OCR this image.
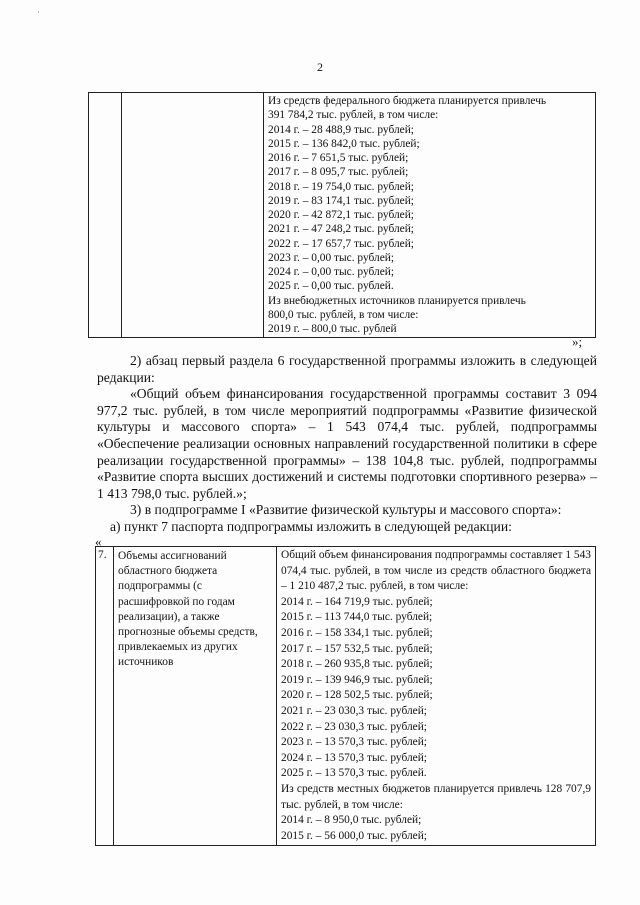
·
2

Из средств федерального бюджета планируется привлечь
391 784,2 тыс. рублей, в том числе:
2014 г. – 28 488,9 тыс. рублей;
2015 г. – 136 842,0 тыс. рублей;
2016 г. – 7 651,5 тыс. рублей;
2017 г. – 8 095,7 тыс. рублей;
2018 г. – 19 754,0 тыс. рублей;
2019 г. – 83 174,1 тыс. рублей;
2020 г. – 42 872,1 тыс. рублей;
2021 г. – 47 248,2 тыс. рублей;
2022 г. – 17 657,7 тыс. рублей;
2023 г. – 0,00 тыс. рублей;
2024 г. – 0,00 тыс. рублей;
2025 г. – 0,00 тыс. рублей.
Из внебюджетных источников планируется привлечь
800,0 тыс. рублей, в том числе:
2019 г. – 800,0 тыс. рублей
»;

2) абзац первый раздела 6 государственной программы изложить в следующей редакции:

«Общий объем финансирования государственной программы составит 3 094 977,2 тыс. рублей, в том числе мероприятий подпрограммы «Развитие физической культуры и массового спорта» – 1 543 074,4 тыс. рублей, подпрограммы «Обеспечение реализации основных направлений государственной политики в сфере реализации государственной программы» – 138 104,8 тыс. рублей, подпрограммы «Развитие спорта высших достижений и системы подготовки спортивного резерва» – 1 413 798,0 тыс. рублей.»;

3) в подпрограмме I «Развитие физической культуры и массового спорта»:

а) пункт 7 паспорта подпрограммы изложить в следующей редакции:

«
7.	Объемы ассигнований областного бюджета подпрограммы (с расшифровкой по годам реализации), а также прогнозные объемы средств, привлекаемых из других источников

Общий объем финансирования подпрограммы составляет 1 543 074,4 тыс. рублей, в том числе из средств областного бюджета – 1 210 487,2 тыс. рублей, в том числе:
2014 г. – 164 719,9 тыс. рублей;
2015 г. – 113 744,0 тыс. рублей;
2016 г. – 158 334,1 тыс. рублей;
2017 г. – 157 532,5 тыс. рублей;
2018 г. – 260 935,8 тыс. рублей;
2019 г. – 139 946,9 тыс. рублей;
2020 г. – 128 502,5 тыс. рублей;
2021 г. – 23 030,3 тыс. рублей;
2022 г. – 23 030,3 тыс. рублей;
2023 г. – 13 570,3 тыс. рублей;
2024 г. – 13 570,3 тыс. рублей;
2025 г. – 13 570,3 тыс. рублей.
Из средств местных бюджетов планируется привлечь 128 707,9 тыс. рублей, в том числе:
2014 г. – 8 950,0 тыс. рублей;
2015 г. – 56 000,0 тыс. рублей;
